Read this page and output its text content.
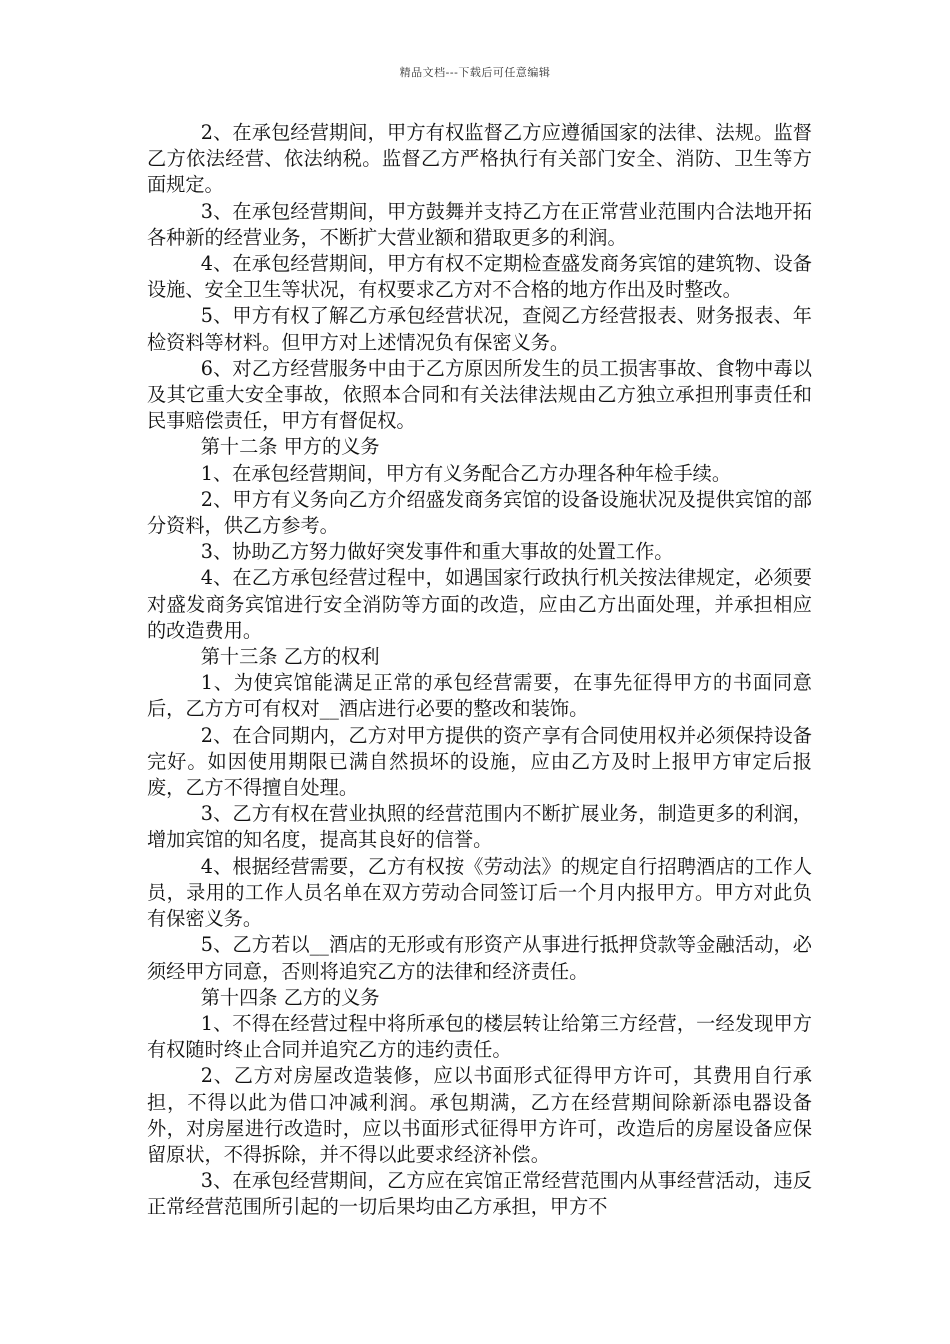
精品文档---下载后可任意编辑

2、在承包经营期间，甲方有权监督乙方应遵循国家的法律、法规。监督乙方依法经营、依法纳税。监督乙方严格执行有关部门安全、消防、卫生等方面规定。

3、在承包经营期间，甲方鼓舞并支持乙方在正常营业范围内合法地开拓各种新的经营业务，不断扩大营业额和猎取更多的利润。

4、在承包经营期间，甲方有权不定期检查盛发商务宾馆的建筑物、设备设施、安全卫生等状况，有权要求乙方对不合格的地方作出及时整改。

5、甲方有权了解乙方承包经营状况，查阅乙方经营报表、财务报表、年检资料等材料。但甲方对上述情况负有保密义务。

6、对乙方经营服务中由于乙方原因所发生的员工损害事故、食物中毒以及其它重大安全事故，依照本合同和有关法律法规由乙方独立承担刑事责任和民事赔偿责任，甲方有督促权。

第十二条 甲方的义务

1、在承包经营期间，甲方有义务配合乙方办理各种年检手续。

2、甲方有义务向乙方介绍盛发商务宾馆的设备设施状况及提供宾馆的部分资料，供乙方参考。

3、协助乙方努力做好突发事件和重大事故的处置工作。

4、在乙方承包经营过程中，如遇国家行政执行机关按法律规定，必须要对盛发商务宾馆进行安全消防等方面的改造，应由乙方出面处理，并承担相应的改造费用。

第十三条 乙方的权利

1、为使宾馆能满足正常的承包经营需要，在事先征得甲方的书面同意后，乙方方可有权对__酒店进行必要的整改和装饰。

2、在合同期内，乙方对甲方提供的资产享有合同使用权并必须保持设备完好。如因使用期限已满自然损坏的设施，应由乙方及时上报甲方审定后报废，乙方不得擅自处理。

3、乙方有权在营业执照的经营范围内不断扩展业务，制造更多的利润，增加宾馆的知名度，提高其良好的信誉。

4、根据经营需要，乙方有权按《劳动法》的规定自行招聘酒店的工作人员，录用的工作人员名单在双方劳动合同签订后一个月内报甲方。甲方对此负有保密义务。

5、乙方若以__酒店的无形或有形资产从事进行抵押贷款等金融活动，必须经甲方同意，否则将追究乙方的法律和经济责任。

第十四条 乙方的义务

1、不得在经营过程中将所承包的楼层转让给第三方经营，一经发现甲方有权随时终止合同并追究乙方的违约责任。

2、乙方对房屋改造装修，应以书面形式征得甲方许可，其费用自行承担，不得以此为借口冲减利润。承包期满，乙方在经营期间除新添电器设备外，对房屋进行改造时，应以书面形式征得甲方许可，改造后的房屋设备应保留原状，不得拆除，并不得以此要求经济补偿。

3、在承包经营期间，乙方应在宾馆正常经营范围内从事经营活动，违反正常经营范围所引起的一切后果均由乙方承担，甲方不
